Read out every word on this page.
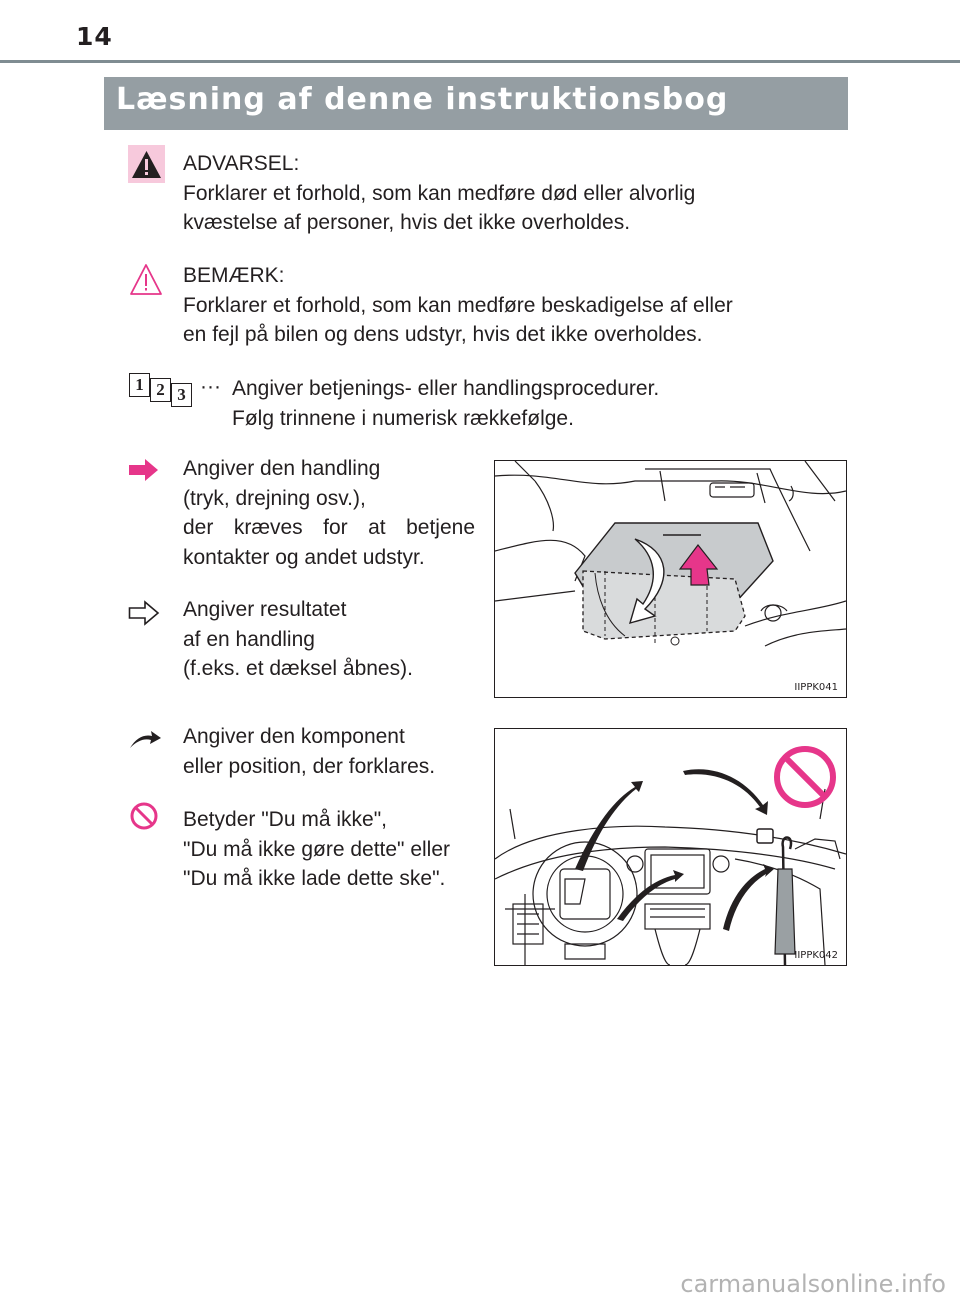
14
Læsning af denne instruktionsbog
ADVARSEL:
Forklarer et forhold, som kan medføre død eller alvorlig
kvæstelse af personer, hvis det ikke overholdes.
BEMÆRK:
Forklarer et forhold, som kan medføre beskadigelse af eller
en fejl på bilen og dens udstyr, hvis det ikke overholdes.
1 2 3 ··· Angiver betjenings- eller handlingsprocedurer.
Følg trinnene i numerisk rækkefølge.
Angiver den handling
(tryk, drejning osv.),
der kræves for at betjene
kontakter og andet udstyr.
Angiver resultatet
af en handling
(f.eks. et dæksel åbnes).
IIPPK041
Angiver den komponent
eller position, der forklares.
Betyder "Du må ikke",
"Du må ikke gøre dette" eller
"Du må ikke lade dette ske".
IIPPK042
carmanualsonline.info
